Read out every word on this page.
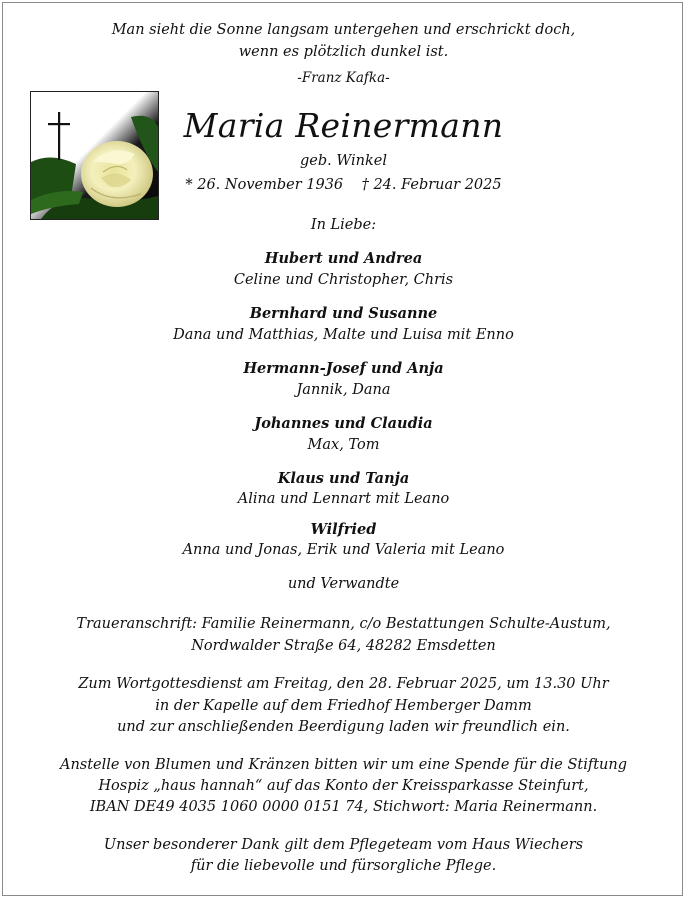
Man sieht die Sonne langsam untergehen und erschrickt doch,
wenn es plötzlich dunkel ist.
-Franz Kafka-
Maria Reinermann
geb. Winkel
* 26. November 1936    † 24. Februar 2025
In Liebe:
Hubert und Andrea
Celine und Christopher, Chris
Bernhard und Susanne
Dana und Matthias, Malte und Luisa mit Enno
Hermann-Josef und Anja
Jannik, Dana
Johannes und Claudia
Max, Tom
Klaus und Tanja
Alina und Lennart mit Leano
Wilfried
Anna und Jonas, Erik und Valeria mit Leano
und Verwandte
Traueranschrift: Familie Reinermann, c/o Bestattungen Schulte-Austum,
Nordwalder Straße 64, 48282 Emsdetten
Zum Wortgottesdienst am Freitag, den 28. Februar 2025, um 13.30 Uhr
in der Kapelle auf dem Friedhof Hemberger Damm
und zur anschließenden Beerdigung laden wir freundlich ein.
Anstelle von Blumen und Kränzen bitten wir um eine Spende für die Stiftung
Hospiz „haus hannah“ auf das Konto der Kreissparkasse Steinfurt,
IBAN DE49 4035 1060 0000 0151 74, Stichwort: Maria Reinermann.
Unser besonderer Dank gilt dem Pflegeteam vom Haus Wiechers
für die liebevolle und fürsorgliche Pflege.
